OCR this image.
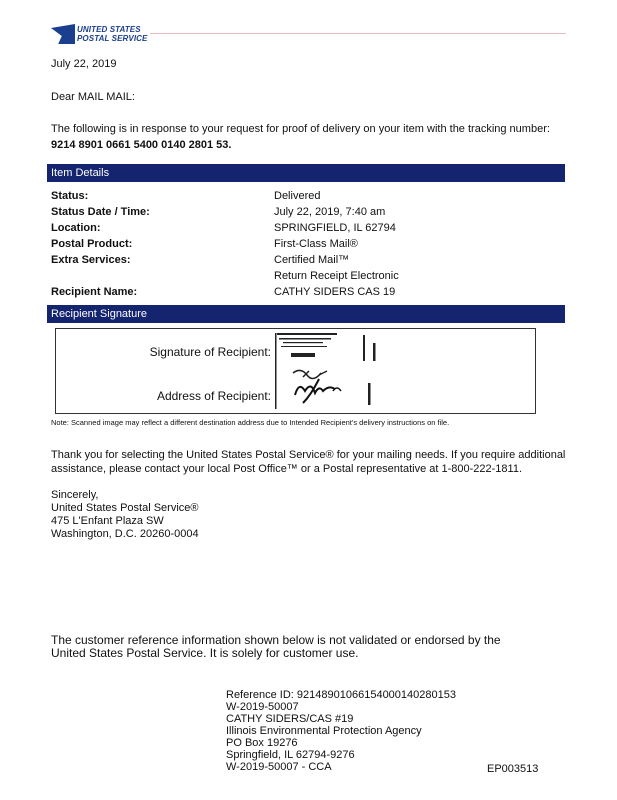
UNITED STATES
POSTAL SERVICE
July 22, 2019
Dear MAIL MAIL:
The following is in response to your request for proof of delivery on your item with the tracking number:
9214 8901 0661 5400 0140 2801 53.
Item Details
Status:	Delivered
Status Date / Time:	July 22, 2019, 7:40 am
Location:	SPRINGFIELD, IL 62794
Postal Product:	First-Class Mail®
Extra Services:	Certified Mail™
Return Receipt Electronic
Recipient Name:	CATHY SIDERS CAS 19
Recipient Signature
Signature of Recipient:
Address of Recipient:
Note: Scanned image may reflect a different destination address due to Intended Recipient's delivery instructions on file.
Thank you for selecting the United States Postal Service® for your mailing needs. If you require additional
assistance, please contact your local Post Office™ or a Postal representative at 1-800-222-1811.
Sincerely,
United States Postal Service®
475 L'Enfant Plaza SW
Washington, D.C. 20260-0004
The customer reference information shown below is not validated or endorsed by the
United States Postal Service. It is solely for customer use.
Reference ID: 92148901066154000140280153
W-2019-50007
CATHY SIDERS/CAS #19
Illinois Environmental Protection Agency
PO Box 19276
Springfield, IL 62794-9276
W-2019-50007 - CCA	EP003513
